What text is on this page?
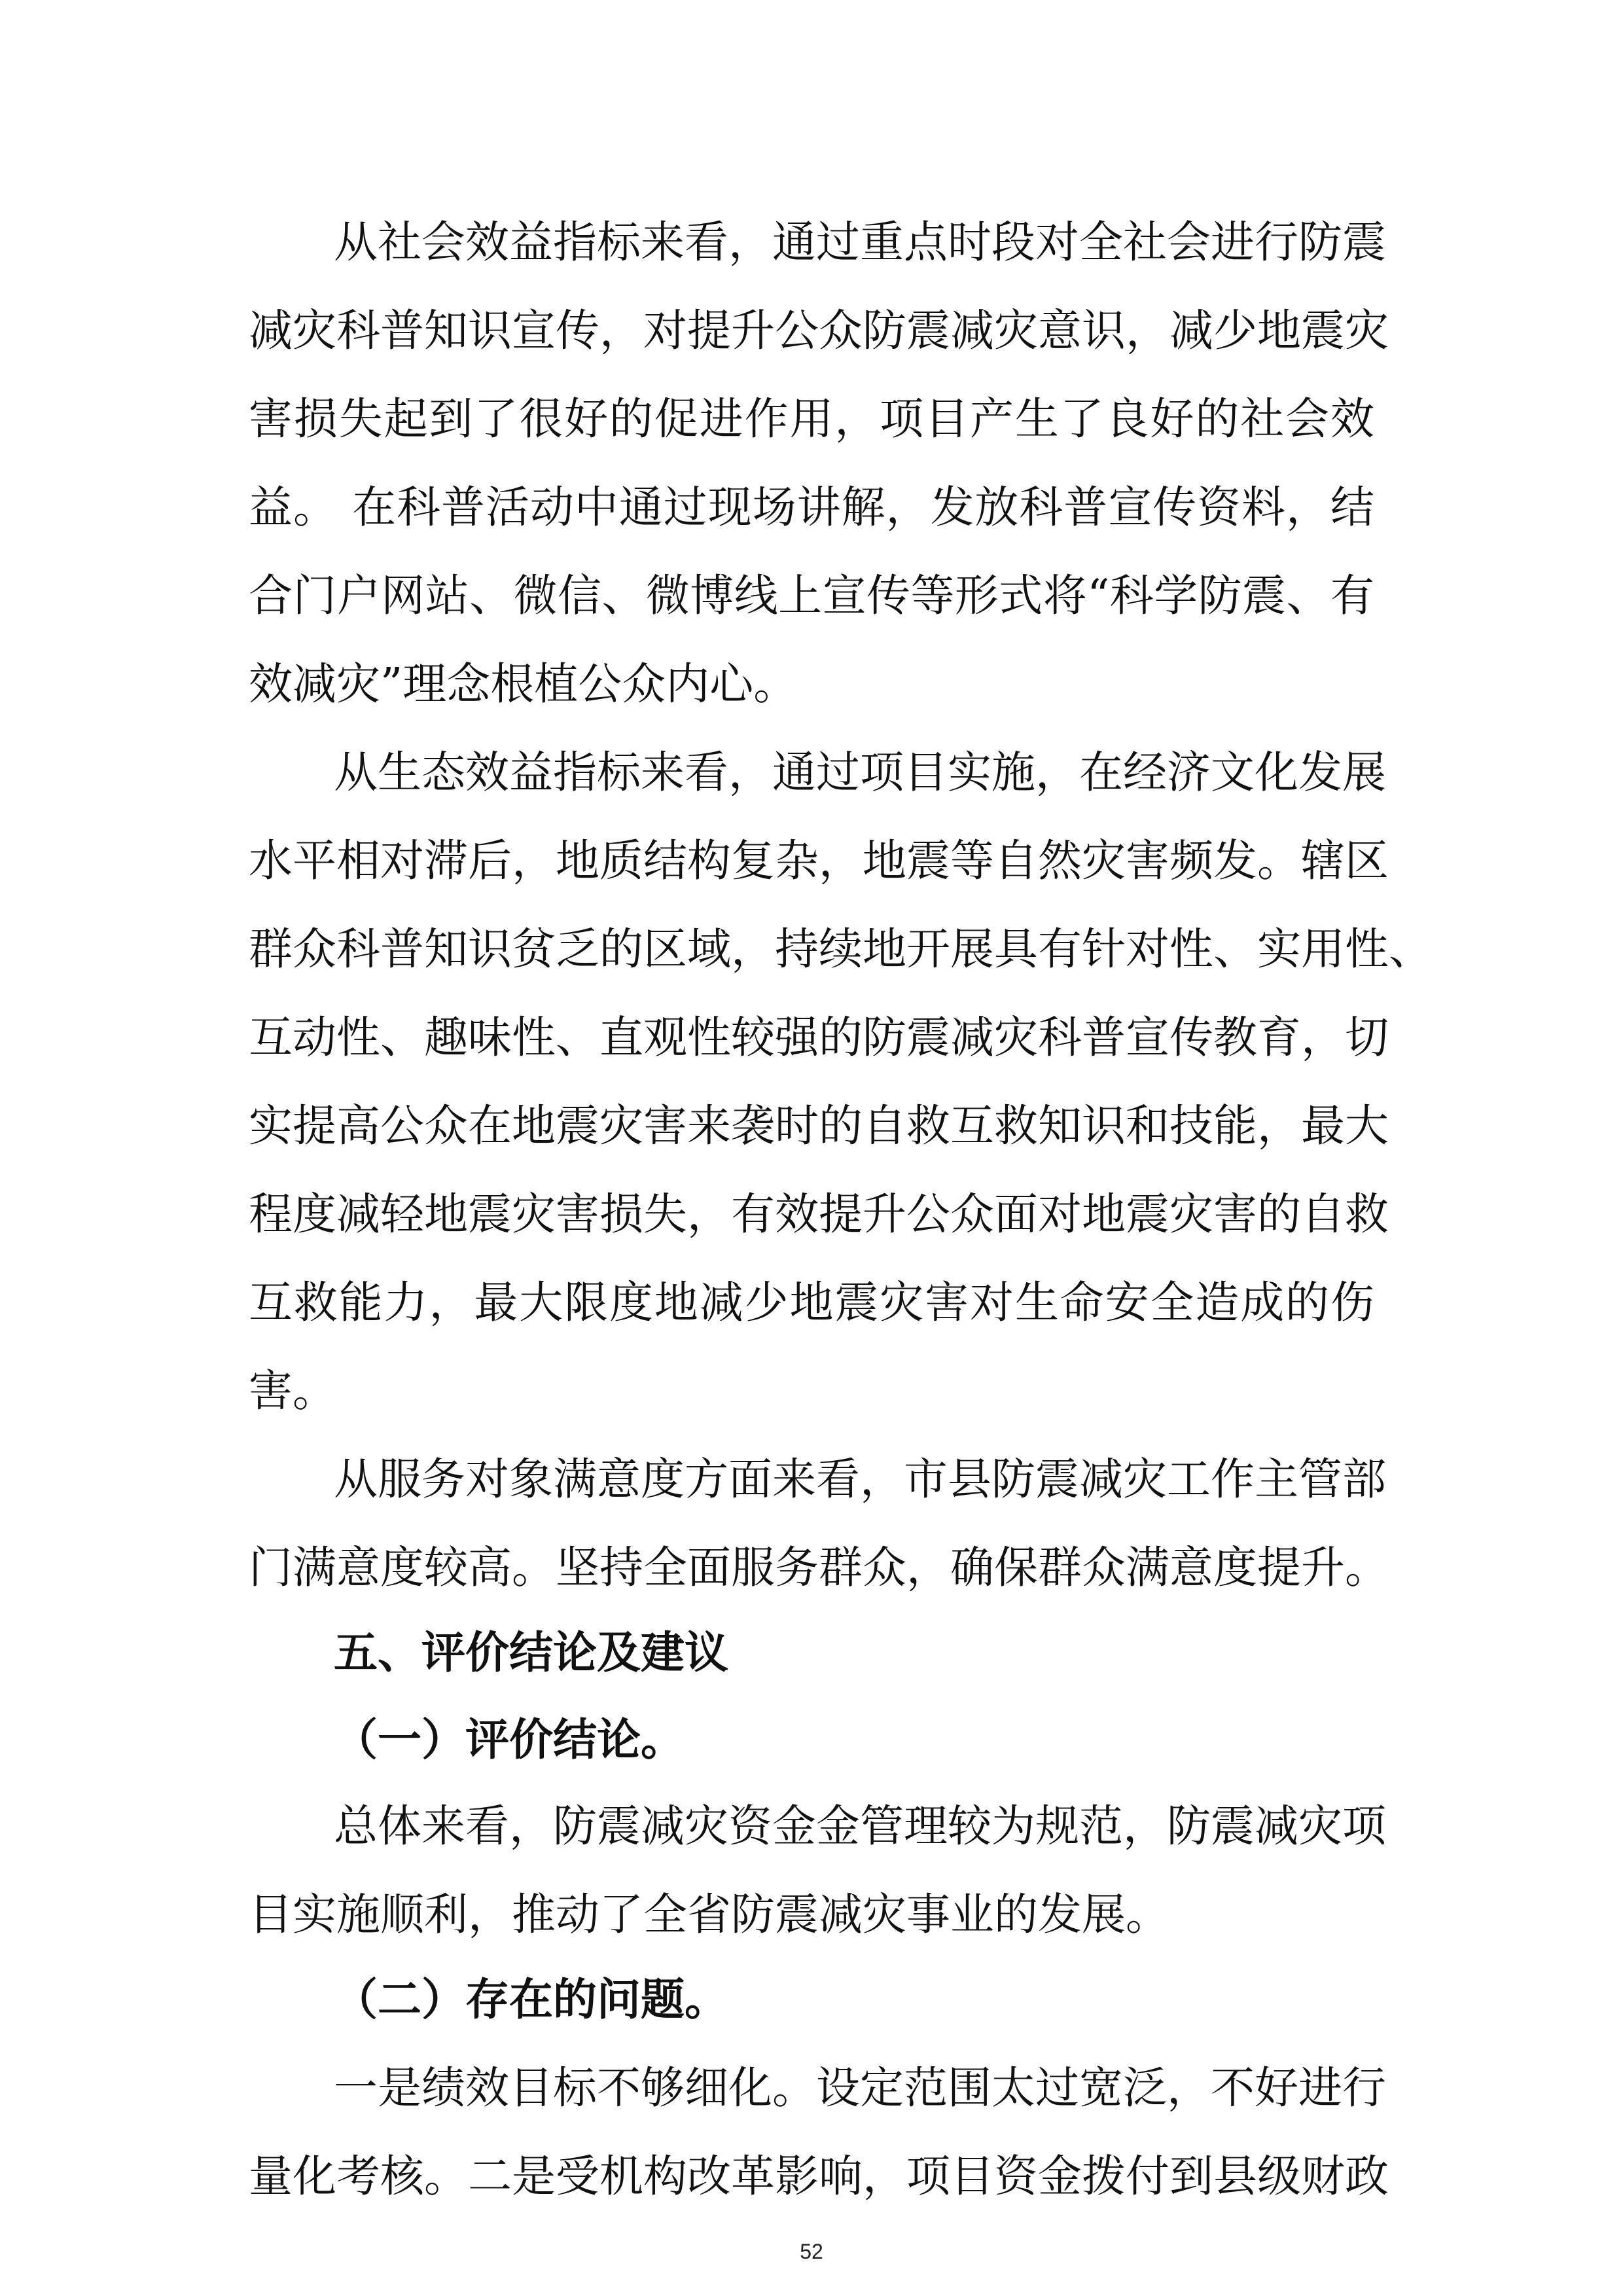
从社会效益指标来看，通过重点时段对全社会进行防震
减灾科普知识宣传，对提升公众防震减灾意识，减少地震灾
害损失起到了很好的促进作用，项目产生了良好的社会效
益。 在科普活动中通过现场讲解，发放科普宣传资料，结
合门户网站、微信、微博线上宣传等形式将“科学防震、有
效减灾”理念根植公众内心。
从生态效益指标来看，通过项目实施，在经济文化发展
水平相对滞后，地质结构复杂，地震等自然灾害频发。辖区
群众科普知识贫乏的区域，持续地开展具有针对性、实用性、
互动性、趣味性、直观性较强的防震减灾科普宣传教育，切
实提高公众在地震灾害来袭时的自救互救知识和技能，最大
程度减轻地震灾害损失，有效提升公众面对地震灾害的自救
互救能力，最大限度地减少地震灾害对生命安全造成的伤
害。
从服务对象满意度方面来看，市县防震减灾工作主管部
门满意度较高。坚持全面服务群众，确保群众满意度提升。
五、评价结论及建议
（一）评价结论。
总体来看，防震减灾资金金管理较为规范，防震减灾项
目实施顺利，推动了全省防震减灾事业的发展。
（二）存在的问题。
一是绩效目标不够细化。设定范围太过宽泛，不好进行
量化考核。二是受机构改革影响，项目资金拨付到县级财政
52
